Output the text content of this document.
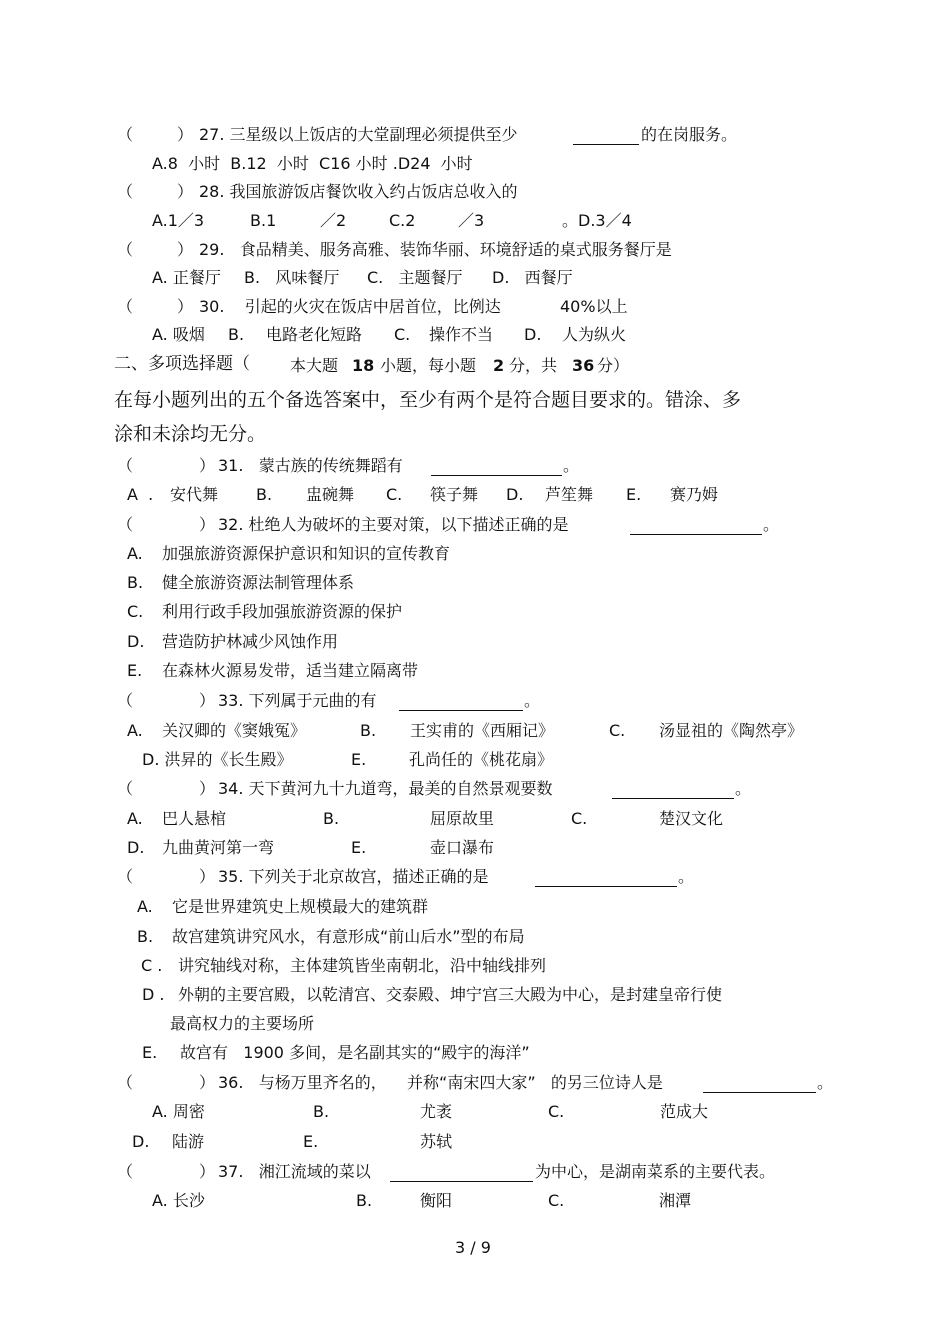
（	） 27. 三星级以上饭店的大堂副理必须提供至少	的在岗服务。
A.8  小时  B.12  小时  C16 小时 .D24  小时
（	） 28. 我国旅游饭店餐饮收入约占饭店总收入的
A.1／3	B.1	／2	C.2	／3	。D.3／4
（	） 29.   食品精美、服务高雅、装饰华丽、环境舒适的桌式服务餐厅是
A. 正餐厅 B.   风味餐厅 C.   主题餐厅 D.   西餐厅
（	） 30.    引起的火灾在饭店中居首位，比例达	40%以上
A. 吸烟 B. 电路老化短路 C. 操作不当 D. 人为纵火
二、多项选择题（	本大题 18 小题，每小题 2 分，共 36 分）
在每小题列出的五个备选答案中，至少有两个是符合题目要求的。错涂、多
涂和未涂均无分。
（	） 31.   蒙古族的传统舞蹈有	。
A  . 安代舞 B. 盅碗舞 C. 筷子舞 D. 芦笙舞 E. 赛乃姆
（	） 32. 杜绝人为破坏的主要对策，以下描述正确的是	。
A. 加强旅游资源保护意识和知识的宣传教育
B. 健全旅游资源法制管理体系
C. 利用行政手段加强旅游资源的保护
D. 营造防护林减少风蚀作用
E. 在森林火源易发带，适当建立隔离带
（	） 33. 下列属于元曲的有	。
A. 关汉卿的《窦娥冤》	B. 王实甫的《西厢记》	C. 汤显祖的《陶然亭》
D. 洪昇的《长生殿》	E.	孔尚任的《桃花扇》
（	） 34. 天下黄河九十九道弯，最美的自然景观要数	。
A. 巴人悬棺	B.	屈原故里	C.	楚汉文化
D. 九曲黄河第一弯	E.	壶口瀑布
（	） 35. 下列关于北京故宫，描述正确的是	。
A. 它是世界建筑史上规模最大的建筑群
B. 故宫建筑讲究风水，有意形成“前山后水”型的布局
C . 讲究轴线对称，主体建筑皆坐南朝北，沿中轴线排列
D . 外朝的主要宫殿，以乾清宫、交泰殿、坤宁宫三大殿为中心，是封建皇帝行使
最高权力的主要场所
E. 故宫有   1900 多间，是名副其实的“殿宇的海洋”
（	） 36.   与杨万里齐名的，    并称“南宋四大家”   的另三位诗人是	。
A. 周密	B.	尤袤	C.	范成大
D. 陆游	E.	苏轼
（	） 37.   湘江流域的菜以	为中心，是湖南菜系的主要代表。
A. 长沙	B.	衡阳	C.	湘潭
3 / 9
